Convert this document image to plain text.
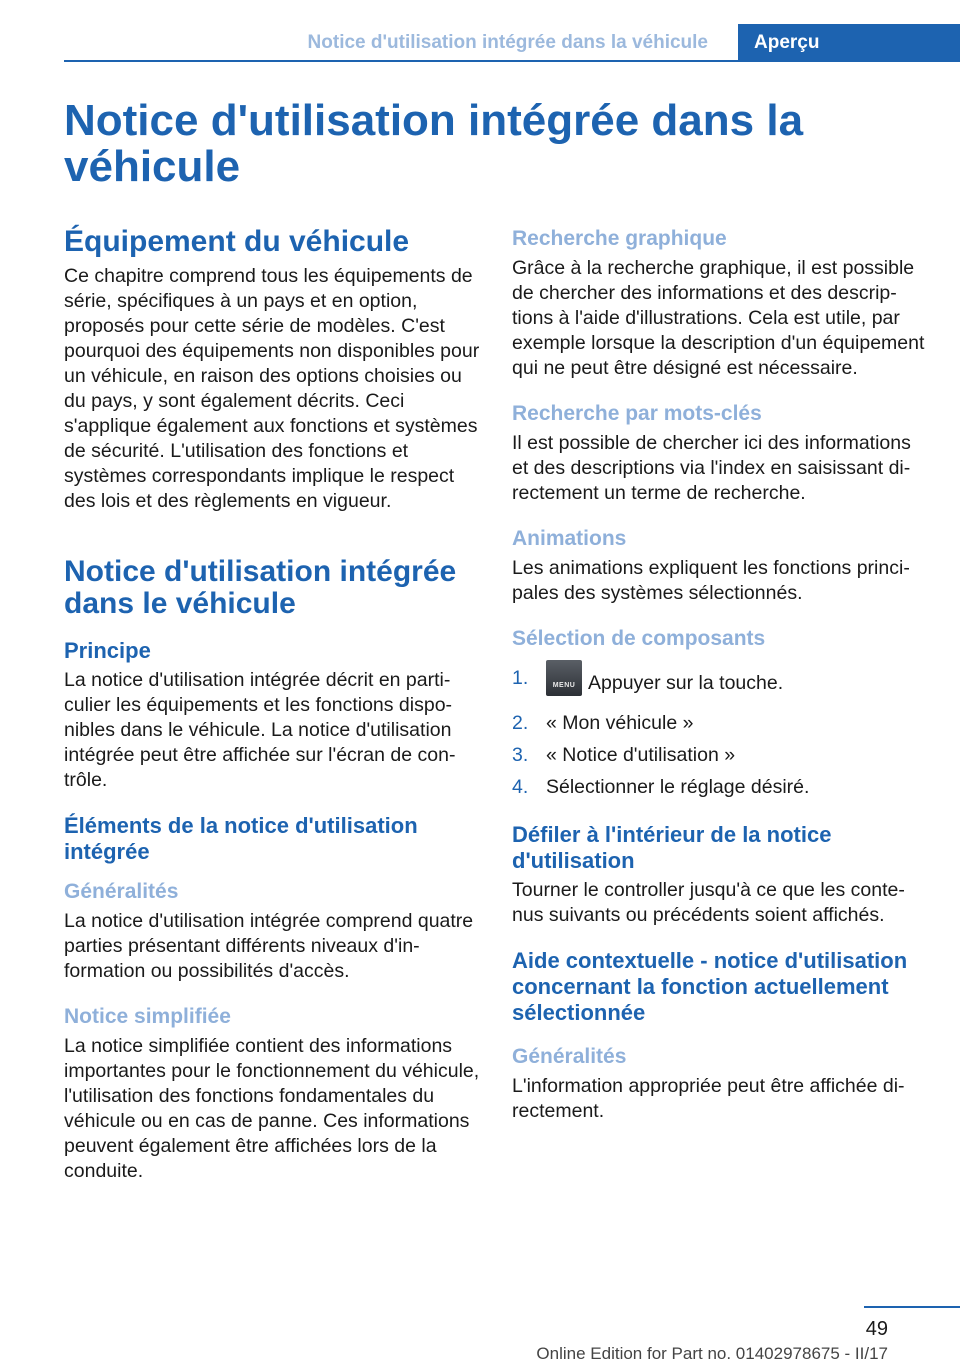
Notice d'utilisation intégrée dans la véhicule	Aperçu
Notice d'utilisation intégrée dans la véhicule
Équipement du véhicule

Ce chapitre comprend tous les équipements de série, spécifiques à un pays et en option, proposés pour cette série de modèles. C'est pourquoi des équipements non disponibles pour un véhicule, en raison des options choisies ou du pays, y sont également décrits. Ceci s'applique également aux fonctions et systèmes de sécurité. L'utilisation des fonctions et systèmes correspondants implique le respect des lois et des règlements en vigueur.

Notice d'utilisation intégrée dans le véhicule
Principe

La notice d'utilisation intégrée décrit en particulier les équipements et les fonctions disponibles dans le véhicule. La notice d'utilisation intégrée peut être affichée sur l'écran de contrôle.

Éléments de la notice d'utilisation intégrée
Généralités

La notice d'utilisation intégrée comprend quatre parties présentant différents niveaux d'information ou possibilités d'accès.

Notice simplifiée

La notice simplifiée contient des informations importantes pour le fonctionnement du véhicule, l'utilisation des fonctions fondamentales du véhicule ou en cas de panne. Ces informations peuvent également être affichées lors de la conduite.

Recherche graphique

Grâce à la recherche graphique, il est possible de chercher des informations et des descriptions à l'aide d'illustrations. Cela est utile, par exemple lorsque la description d'un équipement qui ne peut être désigné est nécessaire.

Recherche par mots-clés

Il est possible de chercher ici des informations et des descriptions via l'index en saisissant directement un terme de recherche.

Animations

Les animations expliquent les fonctions principales des systèmes sélectionnés.

Sélection de composants
1.	MENU Appuyer sur la touche.
2. « Mon véhicule »
3. « Notice d'utilisation »
4. Sélectionner le réglage désiré.
Défiler à l'intérieur de la notice d'utilisation

Tourner le controller jusqu'à ce que les contenus suivants ou précédents soient affichés.

Aide contextuelle - notice d'utilisation concernant la fonction actuellement sélectionnée
Généralités

L'information appropriée peut être affichée directement.

49
Online Edition for Part no. 01402978675 - II/17
